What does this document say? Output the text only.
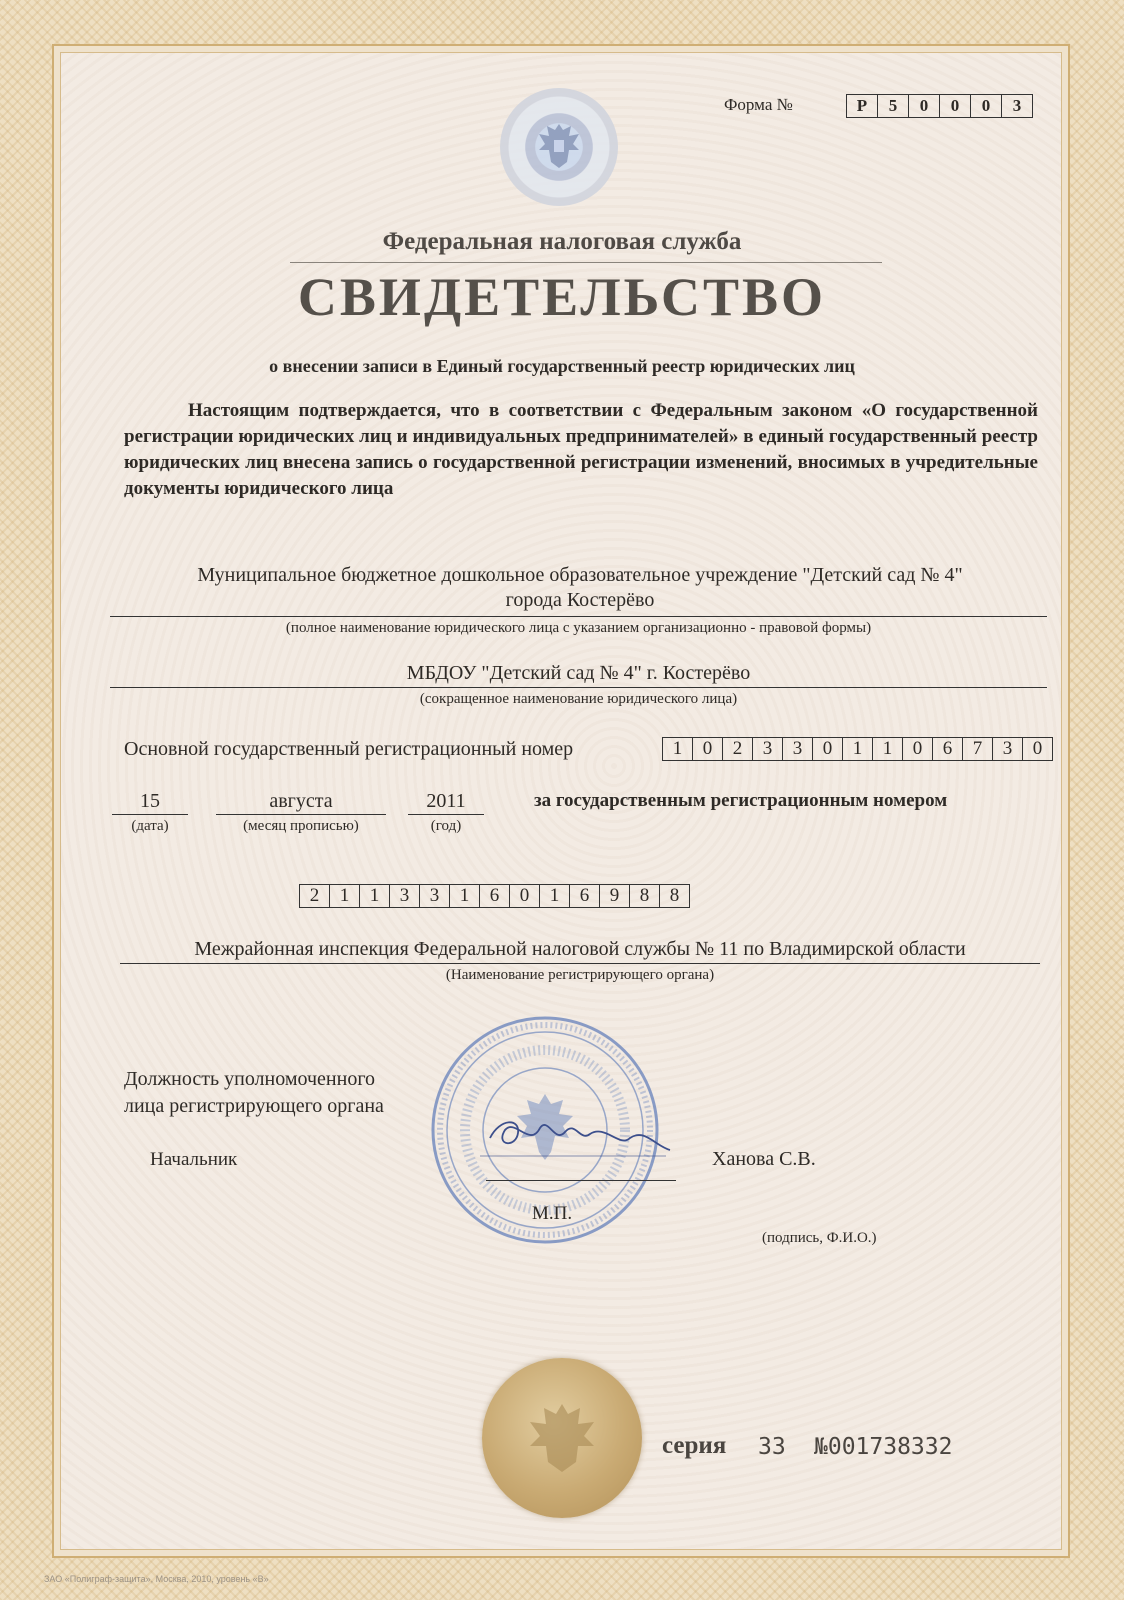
Форма №	Р	5	0	0	0	3
Федеральная налоговая служба
СВИДЕТЕЛЬСТВО
о внесении записи в Единый государственный реестр юридических лиц
Настоящим подтверждается, что в соответствии с Федеральным законом «О государственной регистрации юридических лиц и индивидуальных предпринимателей» в единый государственный реестр юридических лиц внесена запись о государственной регистрации изменений, вносимых в учредительные документы юридического лица
Муниципальное бюджетное дошкольное образовательное учреждение "Детский сад № 4"
города Костерёво
(полное наименование юридического лица с указанием организационно - правовой формы)
МБДОУ "Детский сад № 4" г. Костерёво
(сокращенное наименование юридического лица)
Основной государственный регистрационный номер	1	0	2	3	3	0	1	1	0	6	7	3	0
15
(дата)
августа
(месяц прописью)
2011
(год)
за государственным регистрационным номером
2	1	1	3	3	1	6	0	1	6	9	8	8
Межрайонная инспекция Федеральной налоговой службы № 11 по Владимирской области
(Наименование регистрирующего органа)
Должность уполномоченного
лица регистрирующего органа
Начальник	Ханова С.В.
М.П.
(подпись, Ф.И.О.)
серия 33 №001738332
ЗАО «Полиграф-защита», Москва, 2010, уровень «В»
